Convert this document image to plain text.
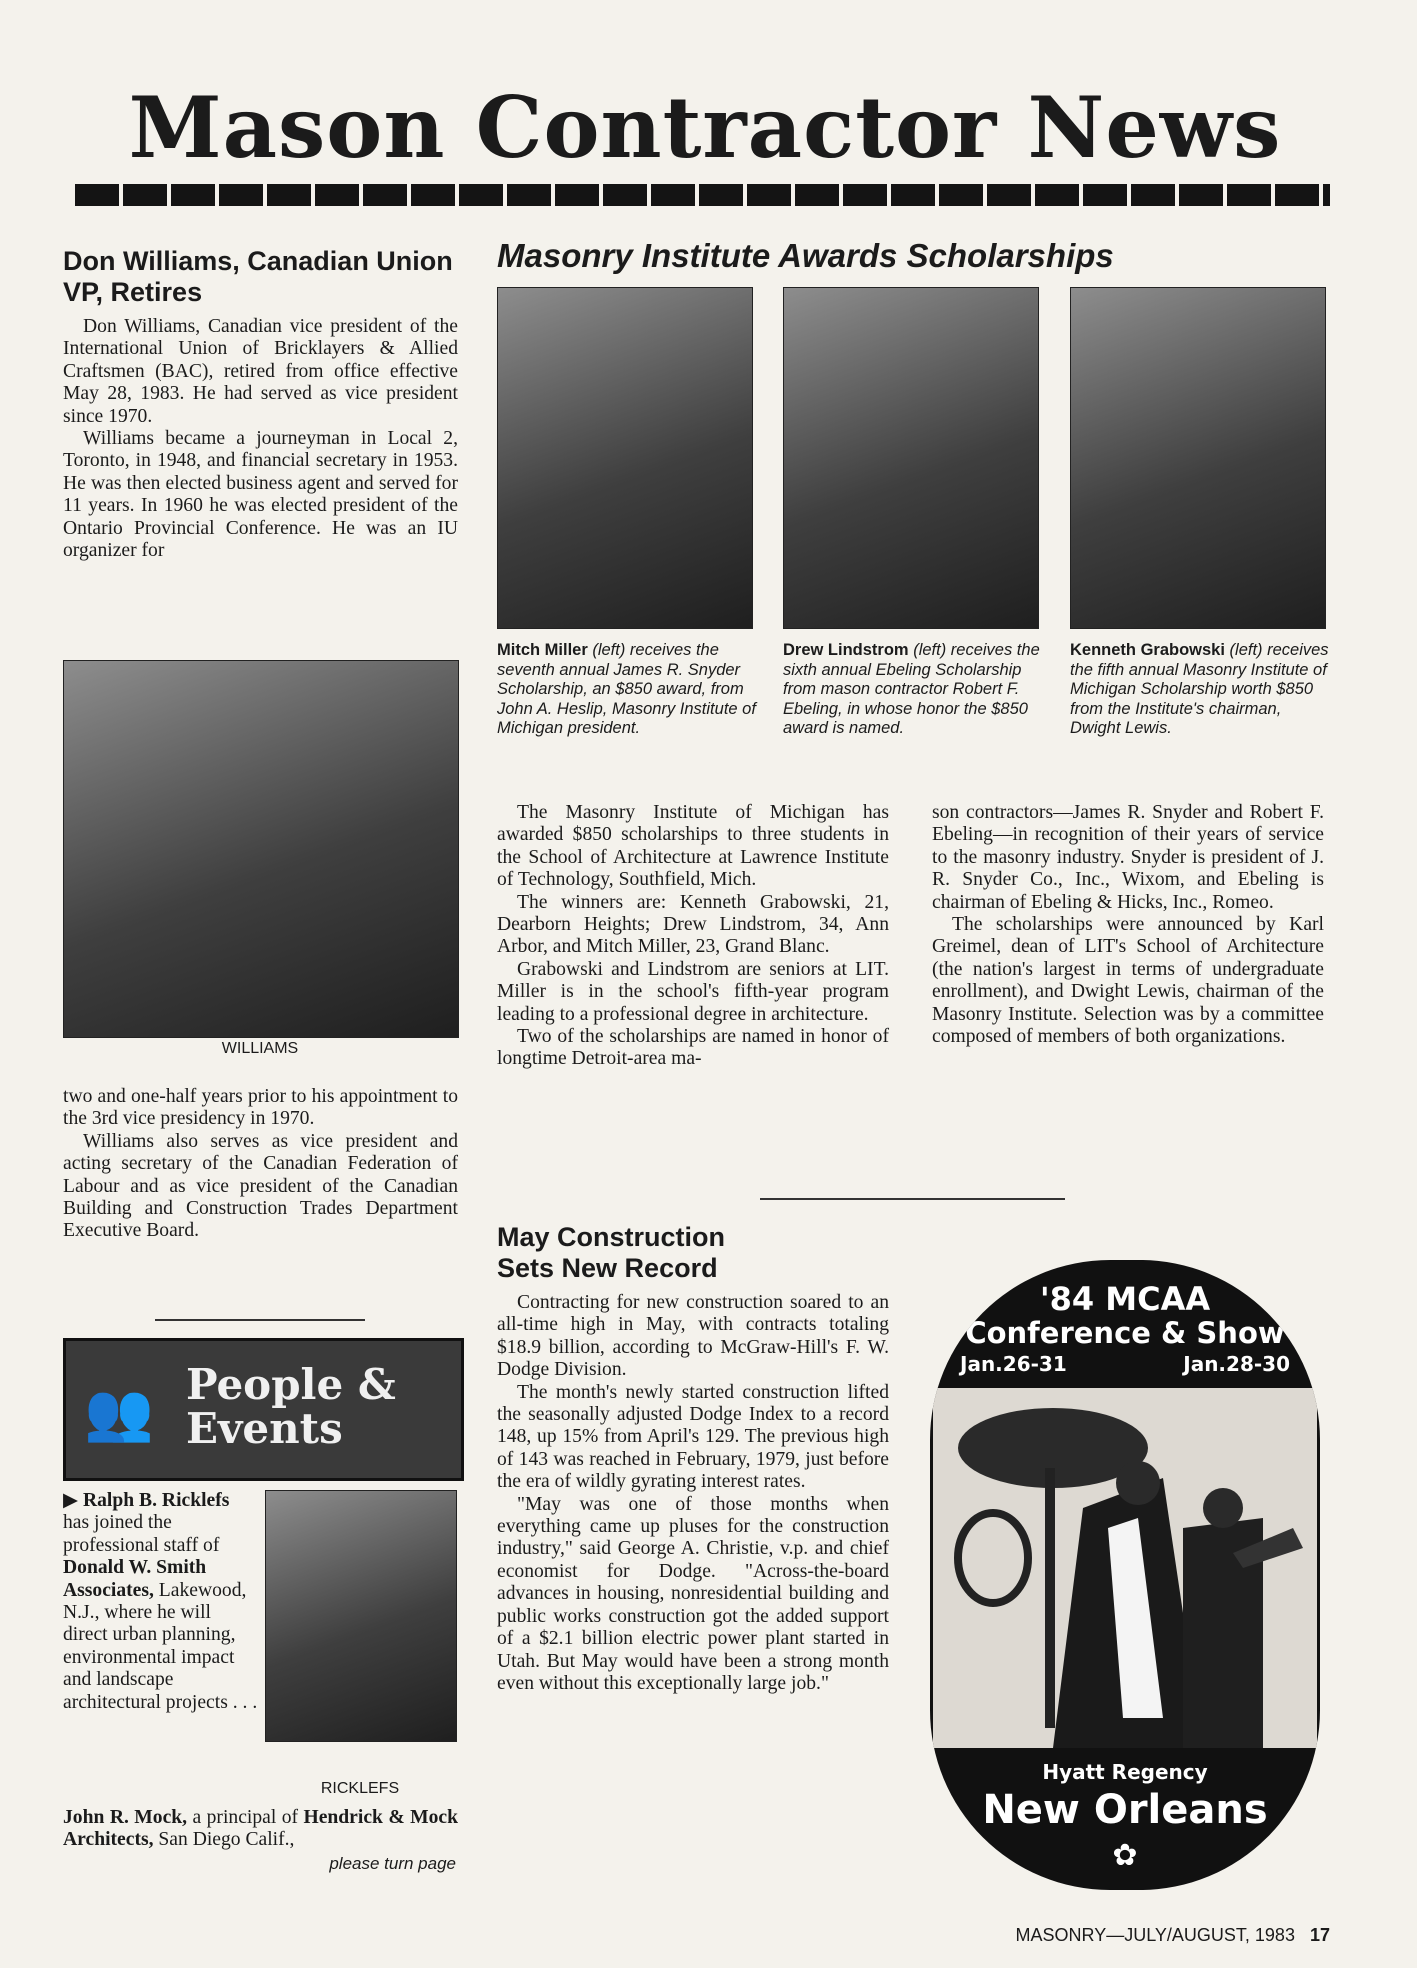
Mason Contractor News
Don Williams, Canadian Union VP, Retires

Don Williams, Canadian vice president of the International Union of Bricklayers & Allied Craftsmen (BAC), retired from office effective May 28, 1983. He had served as vice president since 1970.

Williams became a journeyman in Local 2, Toronto, in 1948, and financial secretary in 1953. He was then elected business agent and served for 11 years. In 1960 he was elected president of the Ontario Provincial Conference. He was an IU organizer for

WILLIAMS

two and one-half years prior to his appointment to the 3rd vice presidency in 1970.

Williams also serves as vice president and acting secretary of the Canadian Federation of Labour and as vice president of the Canadian Building and Construction Trades Department Executive Board.

Masonry Institute Awards Scholarships
Mitch Miller (left) receives the seventh annual James R. Snyder Scholarship, an $850 award, from John A. Heslip, Masonry Institute of Michigan president.
Drew Lindstrom (left) receives the sixth annual Ebeling Scholarship from mason contractor Robert F. Ebeling, in whose honor the $850 award is named.
Kenneth Grabowski (left) receives the fifth annual Masonry Institute of Michigan Scholarship worth $850 from the Institute's chairman, Dwight Lewis.

The Masonry Institute of Michigan has awarded $850 scholarships to three students in the School of Architecture at Lawrence Institute of Technology, Southfield, Mich.

The winners are: Kenneth Grabowski, 21, Dearborn Heights; Drew Lindstrom, 34, Ann Arbor, and Mitch Miller, 23, Grand Blanc.

Grabowski and Lindstrom are seniors at LIT. Miller is in the school's fifth-year program leading to a professional degree in architecture.

Two of the scholarships are named in honor of longtime Detroit-area ma-

son contractors—James R. Snyder and Robert F. Ebeling—in recognition of their years of service to the masonry industry. Snyder is president of J. R. Snyder Co., Inc., Wixom, and Ebeling is chairman of Ebeling & Hicks, Inc., Romeo.

The scholarships were announced by Karl Greimel, dean of LIT's School of Architecture (the nation's largest in terms of undergraduate enrollment), and Dwight Lewis, chairman of the Masonry Institute. Selection was by a committee composed of members of both organizations.

May Construction Sets New Record

Contracting for new construction soared to an all-time high in May, with contracts totaling $18.9 billion, according to McGraw-Hill's F. W. Dodge Division.

The month's newly started construction lifted the seasonally adjusted Dodge Index to a record 148, up 15% from April's 129. The previous high of 143 was reached in February, 1979, just before the era of wildly gyrating interest rates.

"May was one of those months when everything came up pluses for the construction industry," said George A. Christie, v.p. and chief economist for Dodge. "Across-the-board advances in housing, nonresidential building and public works construction got the added support of a $2.1 billion electric power plant started in Utah. But May would have been a strong month even without this exceptionally large job."

👥 People &
Events

▶ Ralph B. Ricklefs has joined the professional staff of Donald W. Smith Associates, Lakewood, N.J., where he will direct urban planning, environmental impact and landscape architectural projects . . .

RICKLEFS

John R. Mock, a principal of Hendrick & Mock Architects, San Diego Calif.,

please turn page
'84 MCAA
Conference & Show
Jan.26-31	Jan.28-30
Hyatt Regency
New Orleans
✿
MASONRY—JULY/AUGUST, 1983 17
